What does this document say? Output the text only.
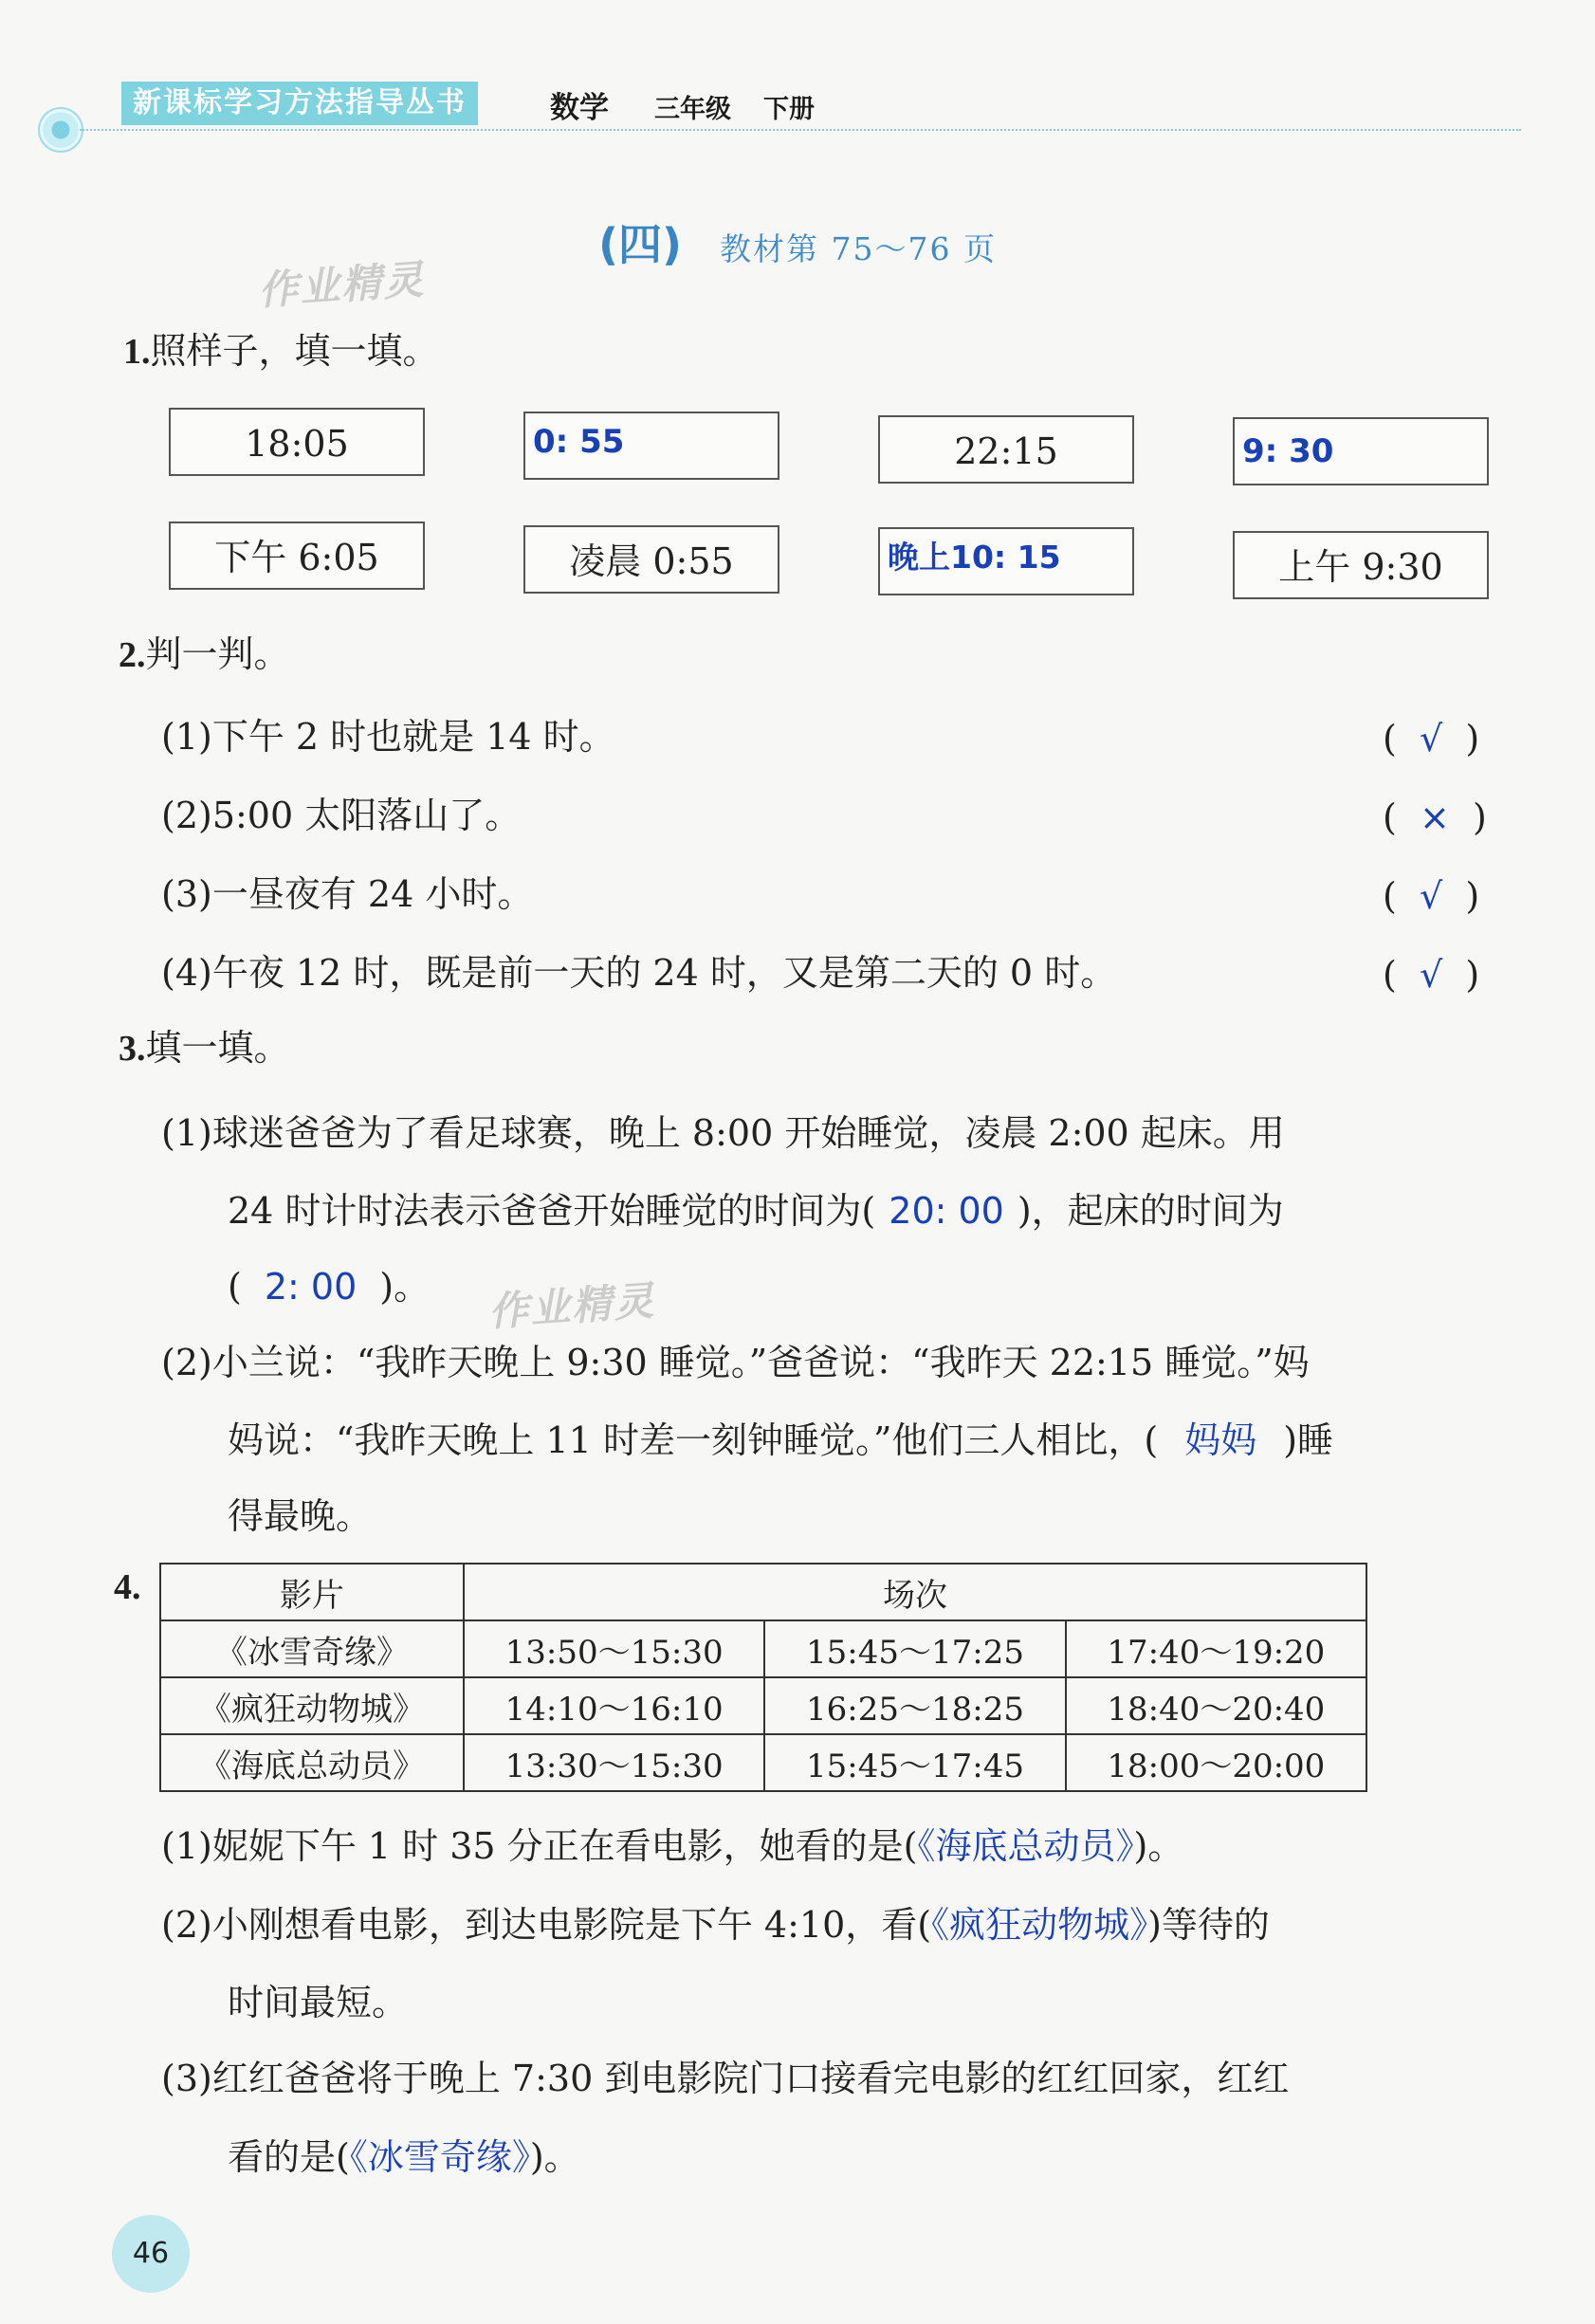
新课标学习方法指导丛书	数学 三年级 下册
(四) 教材第 75～76 页
作业精灵
作业精灵
1.照样子，填一填。
18:05	0: 55	22:15	9: 30
下午 6:05	凌晨 0:55	晚上10: 15	上午 9:30
2.判一判。
(1)下午 2 时也就是 14 时。	(  √  )
(2)5:00 太阳落山了。	(  ×  )
(3)一昼夜有 24 小时。	(  √  )
(4)午夜 12 时，既是前一天的 24 时，又是第二天的 0 时。	(  √  )
3.填一填。
(1)球迷爸爸为了看足球赛，晚上 8:00 开始睡觉，凌晨 2:00 起床。用
24 时计时法表示爸爸开始睡觉的时间为( 20: 00 )，起床的时间为
( 2: 00 )。
(2)小兰说：“我昨天晚上 9:30 睡觉。”爸爸说：“我昨天 22:15 睡觉。”妈
妈说：“我昨天晚上 11 时差一刻钟睡觉。”他们三人相比，( 妈妈 )睡
得最晚。
4.	影片	场次		
《冰雪奇缘》	13:50～15:30	15:45～17:25	17:40～19:20
《疯狂动物城》	14:10～16:10	16:25～18:25	18:40～20:40
《海底总动员》	13:30～15:30	15:45～17:45	18:00～20:00
(1)妮妮下午 1 时 35 分正在看电影，她看的是(《海底总动员》)。
(2)小刚想看电影，到达电影院是下午 4:10，看(《疯狂动物城》)等待的
时间最短。
(3)红红爸爸将于晚上 7:30 到电影院门口接看完电影的红红回家，红红
看的是(《冰雪奇缘》)。
46
